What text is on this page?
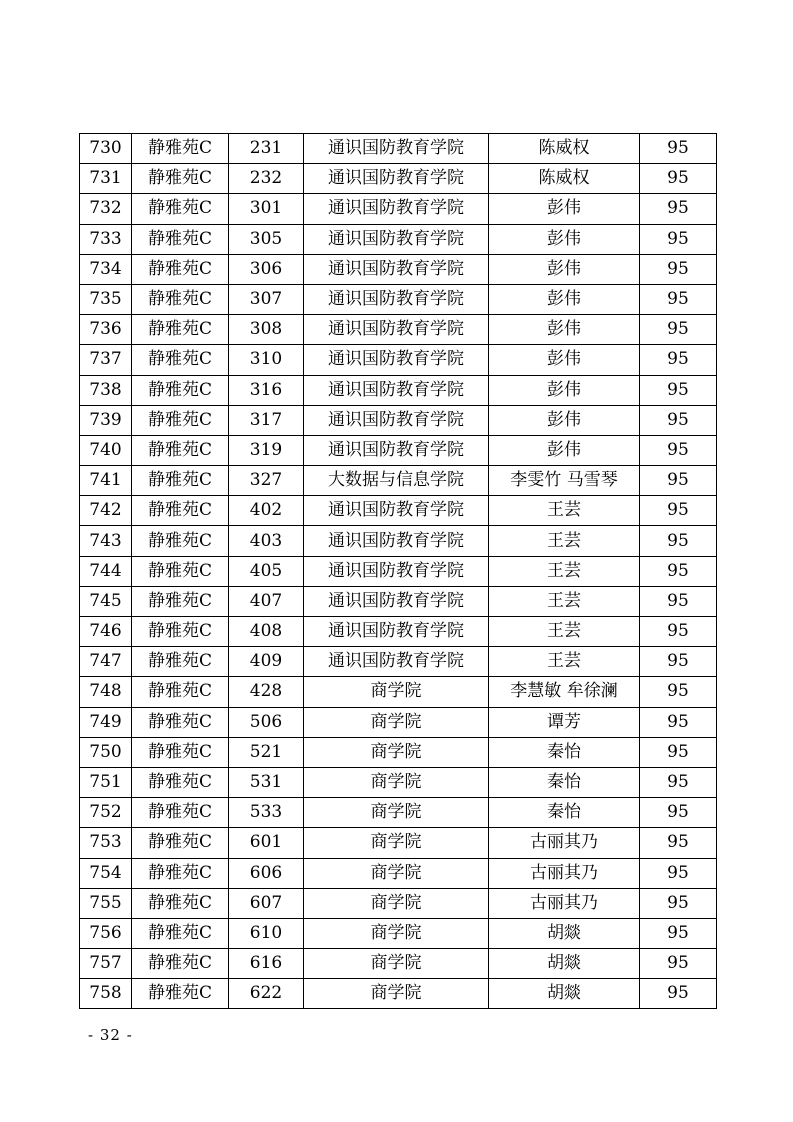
730	静雅苑C	231	通识国防教育学院	陈威权	95
731	静雅苑C	232	通识国防教育学院	陈威权	95
732	静雅苑C	301	通识国防教育学院	彭伟	95
733	静雅苑C	305	通识国防教育学院	彭伟	95
734	静雅苑C	306	通识国防教育学院	彭伟	95
735	静雅苑C	307	通识国防教育学院	彭伟	95
736	静雅苑C	308	通识国防教育学院	彭伟	95
737	静雅苑C	310	通识国防教育学院	彭伟	95
738	静雅苑C	316	通识国防教育学院	彭伟	95
739	静雅苑C	317	通识国防教育学院	彭伟	95
740	静雅苑C	319	通识国防教育学院	彭伟	95
741	静雅苑C	327	大数据与信息学院	李雯竹 马雪琴	95
742	静雅苑C	402	通识国防教育学院	王芸	95
743	静雅苑C	403	通识国防教育学院	王芸	95
744	静雅苑C	405	通识国防教育学院	王芸	95
745	静雅苑C	407	通识国防教育学院	王芸	95
746	静雅苑C	408	通识国防教育学院	王芸	95
747	静雅苑C	409	通识国防教育学院	王芸	95
748	静雅苑C	428	商学院	李慧敏 牟徐澜	95
749	静雅苑C	506	商学院	谭芳	95
750	静雅苑C	521	商学院	秦怡	95
751	静雅苑C	531	商学院	秦怡	95
752	静雅苑C	533	商学院	秦怡	95
753	静雅苑C	601	商学院	古丽其乃	95
754	静雅苑C	606	商学院	古丽其乃	95
755	静雅苑C	607	商学院	古丽其乃	95
756	静雅苑C	610	商学院	胡燚	95
757	静雅苑C	616	商学院	胡燚	95
758	静雅苑C	622	商学院	胡燚	95
- 32 -
